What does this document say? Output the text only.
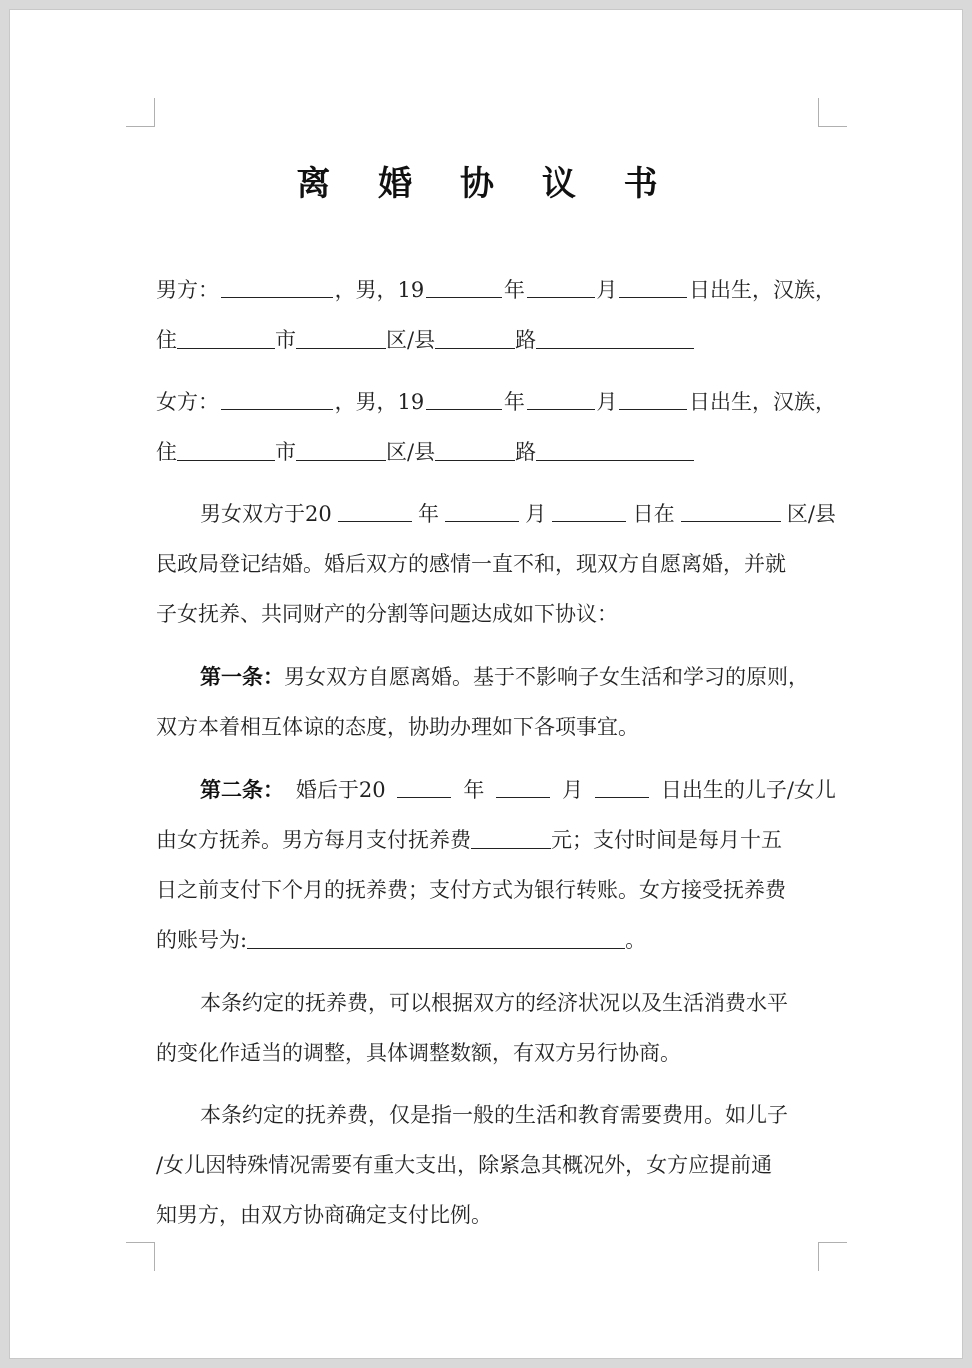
离 婚 协 议 书
男方：	，男，19	年	月	日出生，汉族，
住	市	区/县	路
女方：	，男，19	年	月	日出生，汉族，
住	市	区/县	路
男女双方于20	年	月	日在	区/县
民政局登记结婚。婚后双方的感情一直不和，现双方自愿离婚，并就
子女抚养、共同财产的分割等问题达成如下协议：
第一条：男女双方自愿离婚。基于不影响子女生活和学习的原则，
双方本着相互体谅的态度，协助办理如下各项事宜。
第二条： 婚后于20	年	月	日出生的儿子/女儿
由女方抚养。男方每月支付抚养费	元；支付时间是每月十五
日之前支付下个月的抚养费；支付方式为银行转账。女方接受抚养费
的账号为:	。
本条约定的抚养费，可以根据双方的经济状况以及生活消费水平
的变化作适当的调整，具体调整数额，有双方另行协商。
本条约定的抚养费，仅是指一般的生活和教育需要费用。如儿子
/女儿因特殊情况需要有重大支出，除紧急其概况外，女方应提前通
知男方，由双方协商确定支付比例。
